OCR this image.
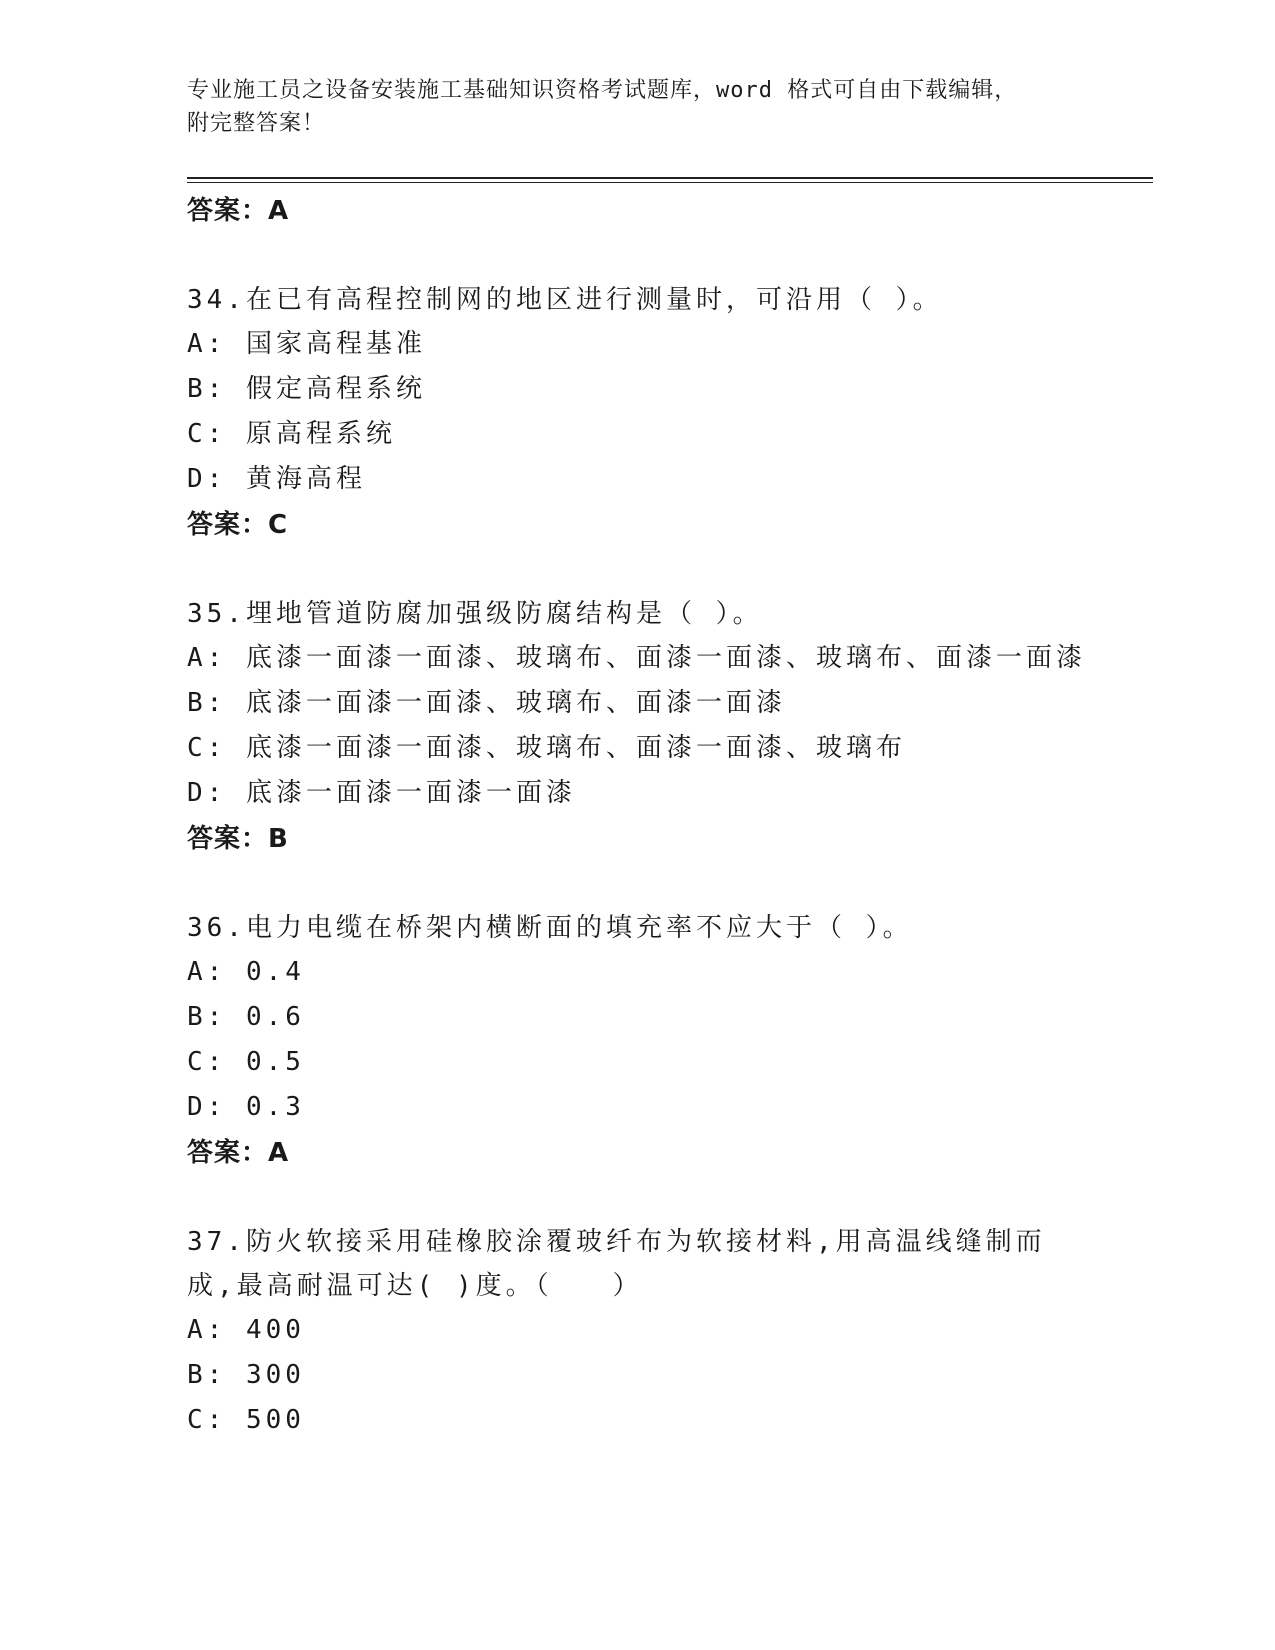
专业施工员之设备安装施工基础知识资格考试题库，word 格式可自由下载编辑，
附完整答案！
答案：A
34.在已有高程控制网的地区进行测量时，可沿用（ ）。
A: 国家高程基准
B: 假定高程系统
C: 原高程系统
D: 黄海高程
答案：C
35.埋地管道防腐加强级防腐结构是（ ）。
A: 底漆一面漆一面漆、玻璃布、面漆一面漆、玻璃布、面漆一面漆
B: 底漆一面漆一面漆、玻璃布、面漆一面漆
C: 底漆一面漆一面漆、玻璃布、面漆一面漆、玻璃布
D: 底漆一面漆一面漆一面漆
答案：B
36.电力电缆在桥架内横断面的填充率不应大于（ ）。
A: 0.4
B: 0.6
C: 0.5
D: 0.3
答案：A
37.防火软接采用硅橡胶涂覆玻纤布为软接材料,用高温线缝制而成,最高耐温可达( )度。（　　）
A: 400
B: 300
C: 500
